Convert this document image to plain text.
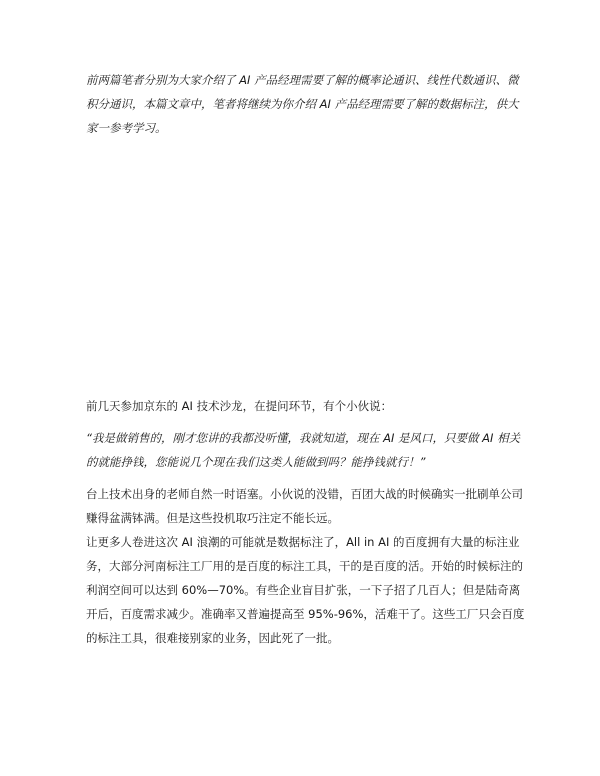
前两篇笔者分别为大家介绍了 AI 产品经理需要了解的概率论通识、线性代数通识、微积分通识，本篇文章中，笔者将继续为你介绍 AI 产品经理需要了解的数据标注，供大家一参考学习。

前几天参加京东的 AI 技术沙龙，在提问环节，有个小伙说：

“我是做销售的，刚才您讲的我都没听懂，我就知道，现在 AI 是风口，只要做 AI 相关的就能挣钱，您能说几个现在我们这类人能做到吗？能挣钱就行！”

台上技术出身的老师自然一时语塞。小伙说的没错，百团大战的时候确实一批刷单公司赚得盆满钵满。但是这些投机取巧注定不能长远。

让更多人卷进这次 AI 浪潮的可能就是数据标注了，All in AI 的百度拥有大量的标注业务，大部分河南标注工厂用的是百度的标注工具，干的是百度的活。开始的时候标注的利润空间可以达到 60%—70%。有些企业盲目扩张，一下子招了几百人；但是陆奇离开后，百度需求减少。准确率又普遍提高至 95%-96%，活难干了。这些工厂只会百度的标注工具，很难接别家的业务，因此死了一批。
